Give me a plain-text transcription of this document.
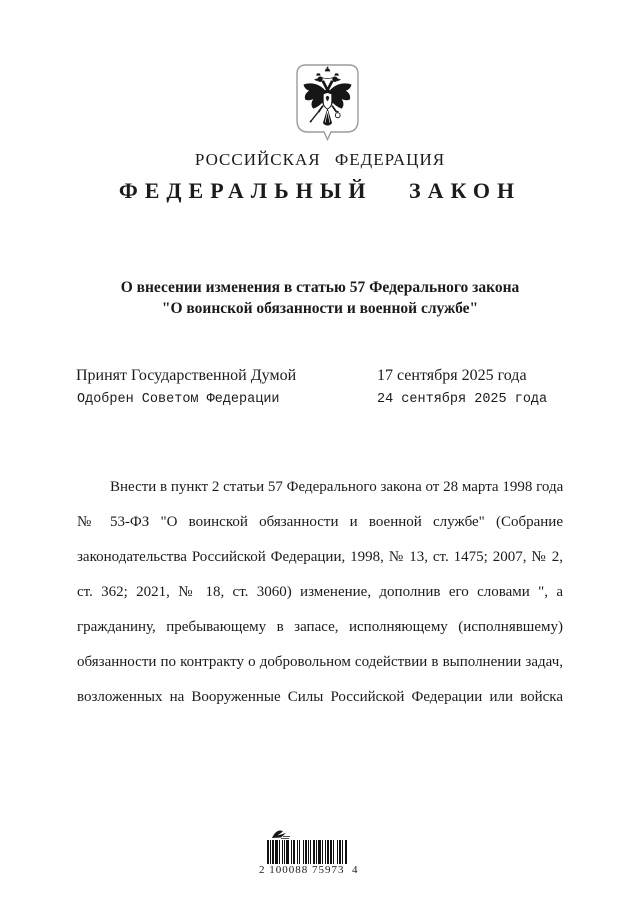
РОССИЙСКАЯ ФЕДЕРАЦИЯ
ФЕДЕРАЛЬНЫЙ ЗАКОН
О внесении изменения в статью 57 Федерального закона
"О воинской обязанности и военной службе"
Принят Государственной Думой	17 сентября 2025 года
Одобрен Советом Федерации	24 сентября 2025 года
Внести в пункт 2 статьи 57 Федерального закона от 28 марта 1998 года
№ 53-ФЗ "О воинской обязанности и военной службе" (Собрание
законодательства Российской Федерации, 1998, № 13, ст. 1475; 2007, № 2,
ст. 362; 2021, № 18, ст. 3060) изменение, дополнив его словами ", а
гражданину, пребывающему в запасе, исполняющему (исполнявшему)
обязанности по контракту о добровольном содействии в выполнении задач,
возложенных на Вооруженные Силы Российской Федерации или войска
2 100088 75973  4
